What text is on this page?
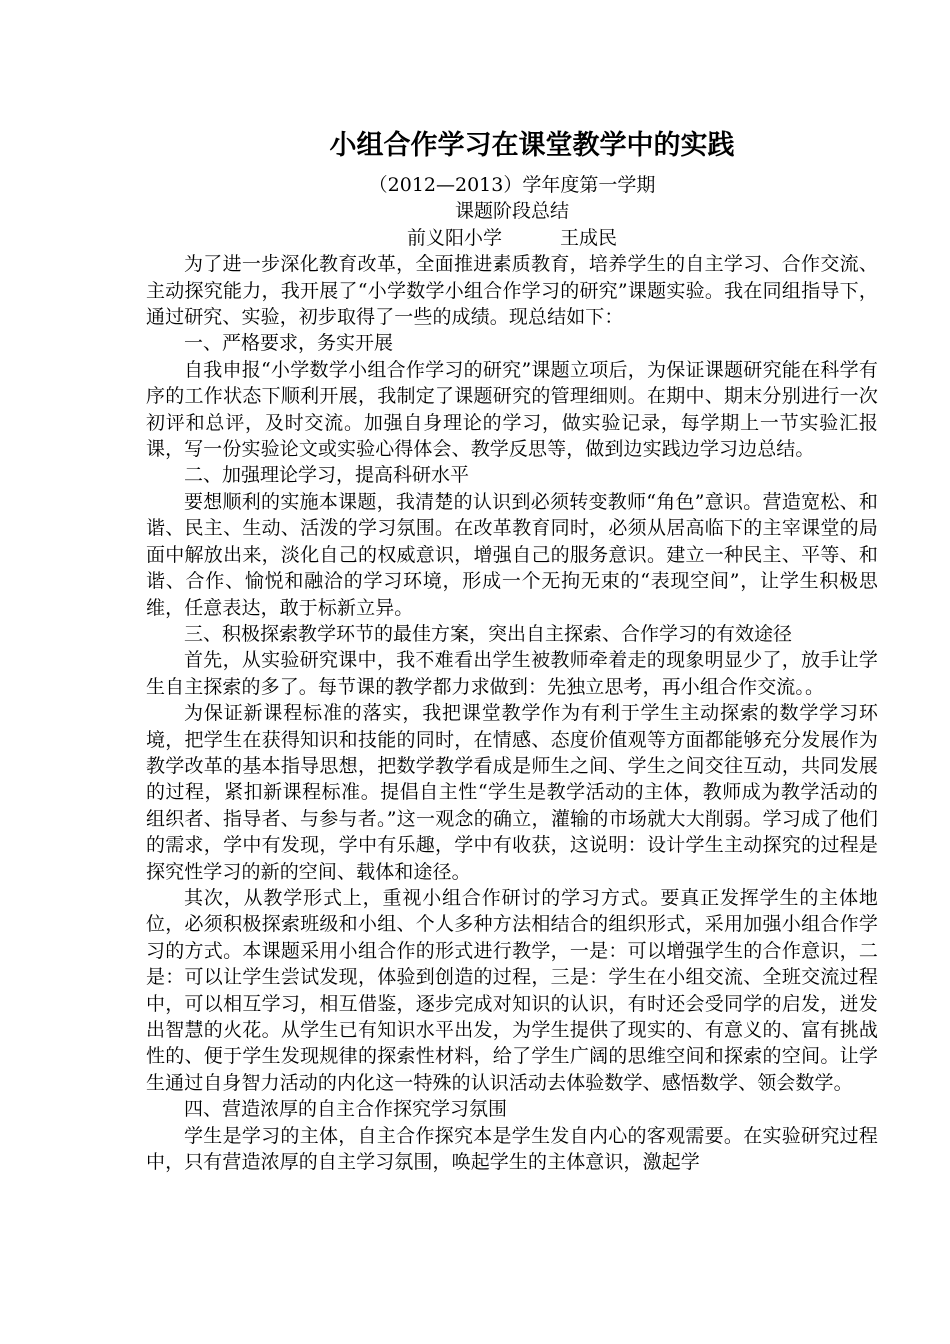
小组合作学习在课堂教学中的实践

（2012—2013）学年度第一学期

课题阶段总结

前义阳小学	王成民

为了进一步深化教育改革，全面推进素质教育，培养学生的自主学习、合作交流、主动探究能力，我开展了“小学数学小组合作学习的研究”课题实验。我在同组指导下，通过研究、实验，初步取得了一些的成绩。现总结如下：

一、严格要求，务实开展

自我申报“小学数学小组合作学习的研究”课题立项后，为保证课题研究能在科学有序的工作状态下顺利开展，我制定了课题研究的管理细则。在期中、期末分别进行一次初评和总评，及时交流。加强自身理论的学习，做实验记录，每学期上一节实验汇报课，写一份实验论文或实验心得体会、教学反思等，做到边实践边学习边总结。

二、加强理论学习，提高科研水平

要想顺利的实施本课题，我清楚的认识到必须转变教师“角色”意识。营造宽松、和谐、民主、生动、活泼的学习氛围。在改革教育同时，必须从居高临下的主宰课堂的局面中解放出来，淡化自己的权威意识，增强自己的服务意识。建立一种民主、平等、和谐、合作、愉悦和融洽的学习环境，形成一个无拘无束的“表现空间”，让学生积极思维，任意表达，敢于标新立异。

三、积极探索教学环节的最佳方案，突出自主探索、合作学习的有效途径

首先，从实验研究课中，我不难看出学生被教师牵着走的现象明显少了，放手让学生自主探索的多了。每节课的教学都力求做到：先独立思考，再小组合作交流。。

为保证新课程标准的落实，我把课堂教学作为有利于学生主动探索的数学学习环境，把学生在获得知识和技能的同时，在情感、态度价值观等方面都能够充分发展作为教学改革的基本指导思想，把数学教学看成是师生之间、学生之间交往互动，共同发展的过程，紧扣新课程标准。提倡自主性“学生是教学活动的主体，教师成为教学活动的组织者、指导者、与参与者。”这一观念的确立，灌输的市场就大大削弱。学习成了他们的需求，学中有发现，学中有乐趣，学中有收获，这说明：设计学生主动探究的过程是探究性学习的新的空间、载体和途径。

其次，从教学形式上，重视小组合作研讨的学习方式。要真正发挥学生的主体地位，必须积极探索班级和小组、个人多种方法相结合的组织形式，采用加强小组合作学习的方式。本课题采用小组合作的形式进行教学，一是：可以增强学生的合作意识，二是：可以让学生尝试发现，体验到创造的过程，三是：学生在小组交流、全班交流过程中，可以相互学习，相互借鉴，逐步完成对知识的认识，有时还会受同学的启发，迸发出智慧的火花。从学生已有知识水平出发，为学生提供了现实的、有意义的、富有挑战性的、便于学生发现规律的探索性材料，给了学生广阔的思维空间和探索的空间。让学生通过自身智力活动的内化这一特殊的认识活动去体验数学、感悟数学、领会数学。

四、营造浓厚的自主合作探究学习氛围

学生是学习的主体，自主合作探究本是学生发自内心的客观需要。在实验研究过程中，只有营造浓厚的自主学习氛围，唤起学生的主体意识，激起学
